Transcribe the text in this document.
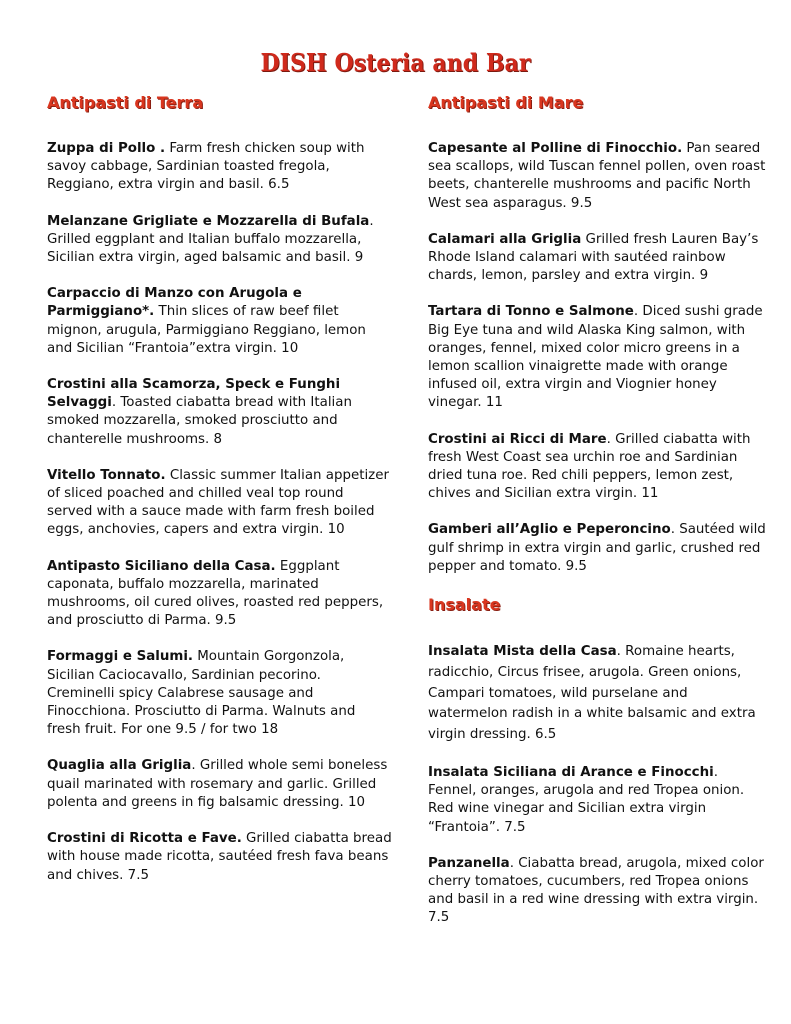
DISH Osteria and Bar
Antipasti di Terra
Zuppa di Pollo . Farm fresh chicken soup with savoy cabbage, Sardinian toasted fregola, Reggiano, extra virgin and basil. 6.5
Melanzane Grigliate e Mozzarella di Bufala. Grilled eggplant and Italian buffalo mozzarella, Sicilian extra virgin, aged balsamic and basil. 9
Carpaccio di Manzo con Arugola e Parmiggiano*. Thin slices of raw beef filet mignon, arugula, Parmiggiano Reggiano, lemon and Sicilian “Frantoia”extra virgin. 10
Crostini alla Scamorza, Speck e Funghi Selvaggi. Toasted ciabatta bread with Italian smoked mozzarella, smoked prosciutto and chanterelle mushrooms. 8
Vitello Tonnato. Classic summer Italian appetizer of sliced poached and chilled veal top round served with a sauce made with farm fresh boiled eggs, anchovies, capers and extra virgin. 10
Antipasto Siciliano della Casa. Eggplant caponata, buffalo mozzarella, marinated mushrooms, oil cured olives, roasted red peppers, and prosciutto di Parma. 9.5
Formaggi e Salumi. Mountain Gorgonzola, Sicilian Caciocavallo, Sardinian pecorino. Creminelli spicy Calabrese sausage and Finocchiona. Prosciutto di Parma. Walnuts and fresh fruit. For one 9.5 / for two 18
Quaglia alla Griglia. Grilled whole semi boneless quail marinated with rosemary and garlic. Grilled polenta and greens in fig balsamic dressing. 10
Crostini di Ricotta e Fave. Grilled ciabatta bread with house made ricotta, sautéed fresh fava beans and chives. 7.5
Antipasti di Mare
Capesante al Polline di Finocchio. Pan seared sea scallops, wild Tuscan fennel pollen, oven roast beets, chanterelle mushrooms and pacific North West sea asparagus. 9.5
Calamari alla Griglia Grilled fresh Lauren Bay’s Rhode Island calamari with sautéed rainbow chards, lemon, parsley and extra virgin. 9
Tartara di Tonno e Salmone. Diced sushi grade Big Eye tuna and wild Alaska King salmon, with oranges, fennel, mixed color micro greens in a lemon scallion vinaigrette made with orange infused oil, extra virgin and Viognier honey vinegar. 11
Crostini ai Ricci di Mare. Grilled ciabatta with fresh West Coast sea urchin roe and Sardinian dried tuna roe. Red chili peppers, lemon zest, chives and Sicilian extra virgin. 11
Gamberi all’Aglio e Peperoncino. Sautéed wild gulf shrimp in extra virgin and garlic, crushed red pepper and tomato. 9.5
Insalate
Insalata Mista della Casa. Romaine hearts, radicchio, Circus frisee, arugola. Green onions, Campari tomatoes, wild purselane and watermelon radish in a white balsamic and extra virgin dressing. 6.5
Insalata Siciliana di Arance e Finocchi. Fennel, oranges, arugola and red Tropea onion. Red wine vinegar and Sicilian extra virgin “Frantoia”. 7.5
Panzanella. Ciabatta bread, arugola, mixed color cherry tomatoes, cucumbers, red Tropea onions and basil in a red wine dressing with extra virgin. 7.5
